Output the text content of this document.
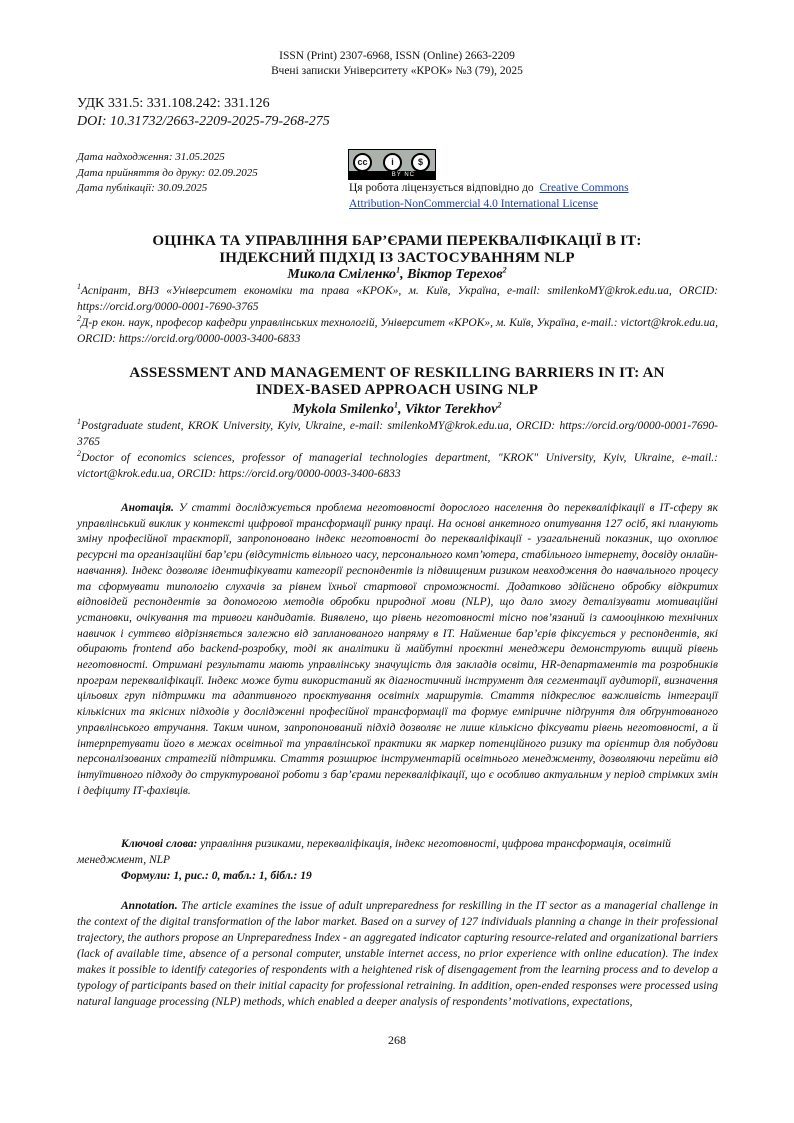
ISSN (Print) 2307-6968, ISSN (Online) 2663-2209
Вчені записки Університету «КРОК» №3 (79), 2025
УДК 331.5: 331.108.242: 331.126
DOI: 10.31732/2663-2209-2025-79-268-275
Дата надходження: 31.05.2025
Дата прийняття до друку: 02.09.2025
Дата публікації: 30.09.2025
cc	i	$
BY NC
Ця робота ліцензується відповідно до Creative Commons
Attribution-NonCommercial 4.0 International License
ОЦІНКА ТА УПРАВЛІННЯ БАР’ЄРАМИ ПЕРЕКВАЛІФІКАЦІЇ В ІТ:
ІНДЕКСНИЙ ПІДХІД ІЗ ЗАСТОСУВАННЯМ NLP
Микола Сміленко$^1$, Віктор Терехов$^2$
$^1$Аспірант, ВНЗ «Університет економіки та права «КРОК», м. Київ, Україна, e-mail: smilenkoMY@krok.edu.ua, ORCID: https://orcid.org/0000-0001-7690-3765
$^2$Д-р екон. наук, професор кафедри управлінських технологій, Університет «КРОК», м. Київ, Україна, e-mail.: victort@krok.edu.ua, ORCID: https://orcid.org/0000-0003-3400-6833
ASSESSMENT AND MANAGEMENT OF RESKILLING BARRIERS IN IT: AN
INDEX-BASED APPROACH USING NLP
Mykola Smilenko$^1$, Viktor Terekhov$^2$
$^1$Postgraduate student, KROK University, Kyiv, Ukraine, e-mail: smilenkoMY@krok.edu.ua, ORCID: https://orcid.org/0000-0001-7690-3765
$^2$Doctor of economics sciences, professor of managerial technologies department, "KROK" University, Kyiv, Ukraine, e-mail.: victort@krok.edu.ua, ORCID: https://orcid.org/0000-0003-3400-6833
Анотація. У статті досліджується проблема неготовності дорослого населення до перекваліфікації в ІТ-сферу як управлінський виклик у контексті цифрової трансформації ринку праці. На основі анкетного опитування 127 осіб, які планують зміну професійної траєкторії, запропоновано індекс неготовності до перекваліфікації - узагальнений показник, що охоплює ресурсні та організаційні бар’єри (відсутність вільного часу, персонального комп’ютера, стабільного інтернету, досвіду онлайн-навчання). Індекс дозволяє ідентифікувати категорії респондентів із підвищеним ризиком невходження до навчального процесу та сформувати типологію слухачів за рівнем їхньої стартової спроможності. Додатково здійснено обробку відкритих відповідей респондентів за допомогою методів обробки природної мови (NLP), що дало змогу деталізувати мотиваційні установки, очікування та тривоги кандидатів. Виявлено, що рівень неготовності тісно пов’язаний із самооцінкою технічних навичок і суттєво відрізняється залежно від запланованого напряму в ІТ. Найменше бар’єрів фіксується у респондентів, які обирають frontend або backend-розробку, тоді як аналітики й майбутні проєктні менеджери демонструють вищий рівень неготовності. Отримані результати мають управлінську значущість для закладів освіти, HR-департаментів та розробників програм перекваліфікації. Індекс може бути використаний як діагностичний інструмент для сегментації аудиторії, визначення цільових груп підтримки та адаптивного проєктування освітніх маршрутів. Стаття підкреслює важливість інтеграції кількісних та якісних підходів у дослідженні професійної трансформації та формує емпіричне підґрунтя для обґрунтованого управлінського втручання. Таким чином, запропонований підхід дозволяє не лише кількісно фіксувати рівень неготовності, а й інтерпретувати його в межах освітньої та управлінської практики як маркер потенційного ризику та орієнтир для побудови персоналізованих стратегій підтримки. Стаття розширює інструментарій освітнього менеджменту, дозволяючи перейти від інтуїтивного підходу до структурованої роботи з бар’єрами перекваліфікації, що є особливо актуальним у період стрімких змін і дефіциту ІТ-фахівців.
Ключові слова: управління ризиками, перекваліфікація, індекс неготовності, цифрова трансформація, освітній менеджмент, NLP
Формули: 1, рис.: 0, табл.: 1, бібл.: 19
Annotation. The article examines the issue of adult unpreparedness for reskilling in the IT sector as a managerial challenge in the context of the digital transformation of the labor market. Based on a survey of 127 individuals planning a change in their professional trajectory, the authors propose an Unpreparedness Index - an aggregated indicator capturing resource-related and organizational barriers (lack of available time, absence of a personal computer, unstable internet access, no prior experience with online education). The index makes it possible to identify categories of respondents with a heightened risk of disengagement from the learning process and to develop a typology of participants based on their initial capacity for professional retraining. In addition, open-ended responses were processed using natural language processing (NLP) methods, which enabled a deeper analysis of respondents’ motivations, expectations,
268
